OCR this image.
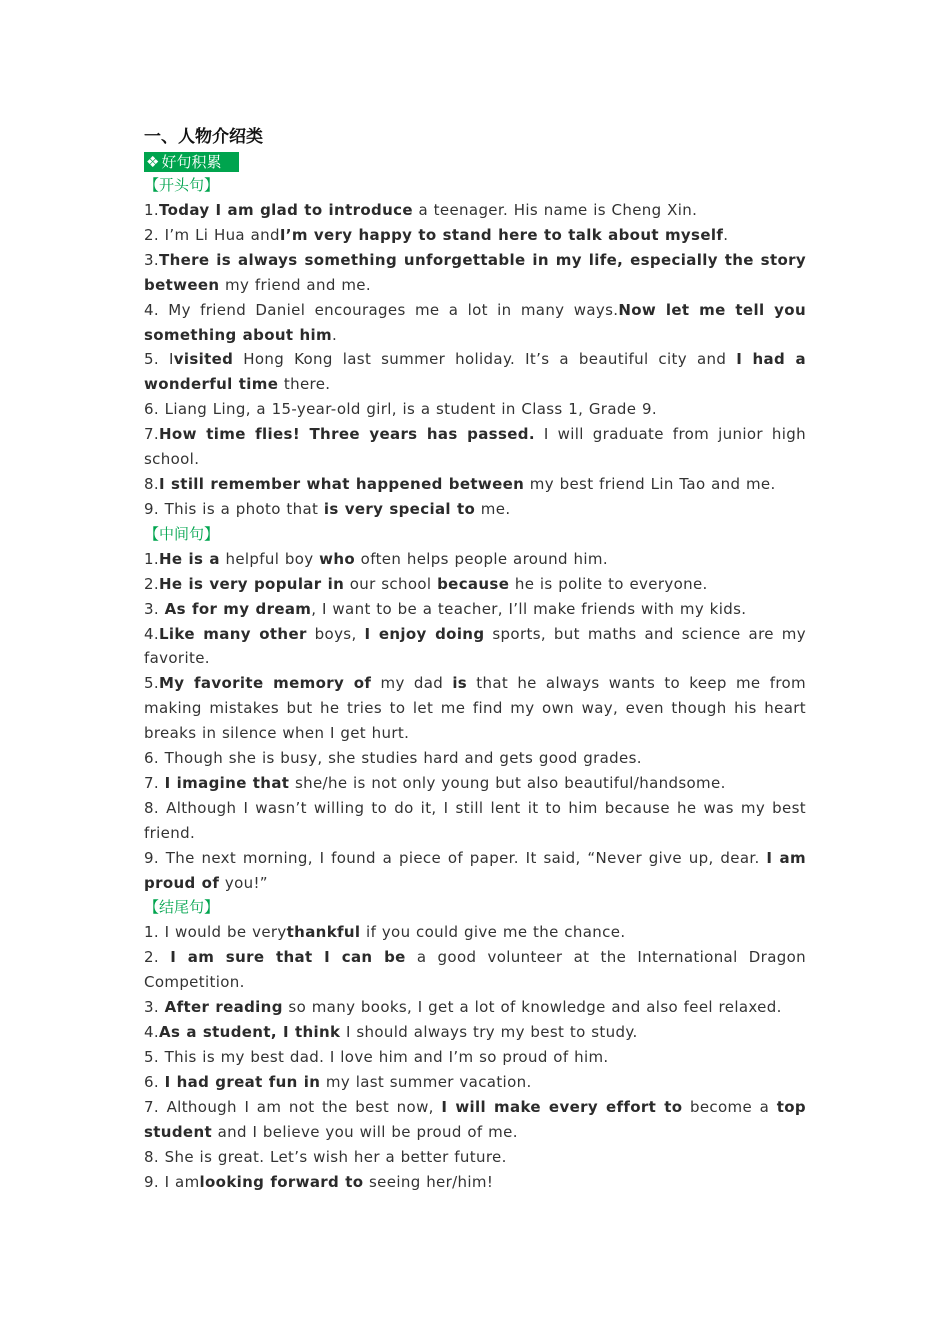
一、人物介绍类
❖ 好句积累
【开头句】
1.Today I am glad to introduce a teenager. His name is Cheng Xin.
2. I’m Li Hua andI’m very happy to stand here to talk about myself.
3.There is always something unforgettable in my life, especially the story between my friend and me.
4. My friend Daniel encourages me a lot in many ways.Now let me tell you something about him.
5. Ivisited Hong Kong last summer holiday. It’s a beautiful city and I had a wonderful time there.
6. Liang Ling, a 15-year-old girl, is a student in Class 1, Grade 9.
7.How time flies! Three years has passed. I will graduate from junior high school.
8.I still remember what happened between my best friend Lin Tao and me.
9. This is a photo that is very special to me.
【中间句】
1.He is a helpful boy who often helps people around him.
2.He is very popular in our school because he is polite to everyone.
3. As for my dream, I want to be a teacher, I’ll make friends with my kids.
4.Like many other boys, I enjoy doing sports, but maths and science are my favorite.
5.My favorite memory of my dad is that he always wants to keep me from making mistakes but he tries to let me find my own way, even though his heart breaks in silence when I get hurt.
6. Though she is busy, she studies hard and gets good grades.
7. I imagine that she/he is not only young but also beautiful/handsome.
8. Although I wasn’t willing to do it, I still lent it to him because he was my best friend.
9. The next morning, I found a piece of paper. It said, “Never give up, dear. I am proud of you!”
【结尾句】
1. I would be verythankful if you could give me the chance.
2. I am sure that I can be a good volunteer at the International Dragon Competition.
3. After reading so many books, I get a lot of knowledge and also feel relaxed.
4.As a student, I think I should always try my best to study.
5. This is my best dad. I love him and I’m so proud of him.
6. I had great fun in my last summer vacation.
7. Although I am not the best now, I will make every effort to become a top student and I believe you will be proud of me.
8. She is great. Let’s wish her a better future.
9. I amlooking forward to seeing her/him!
